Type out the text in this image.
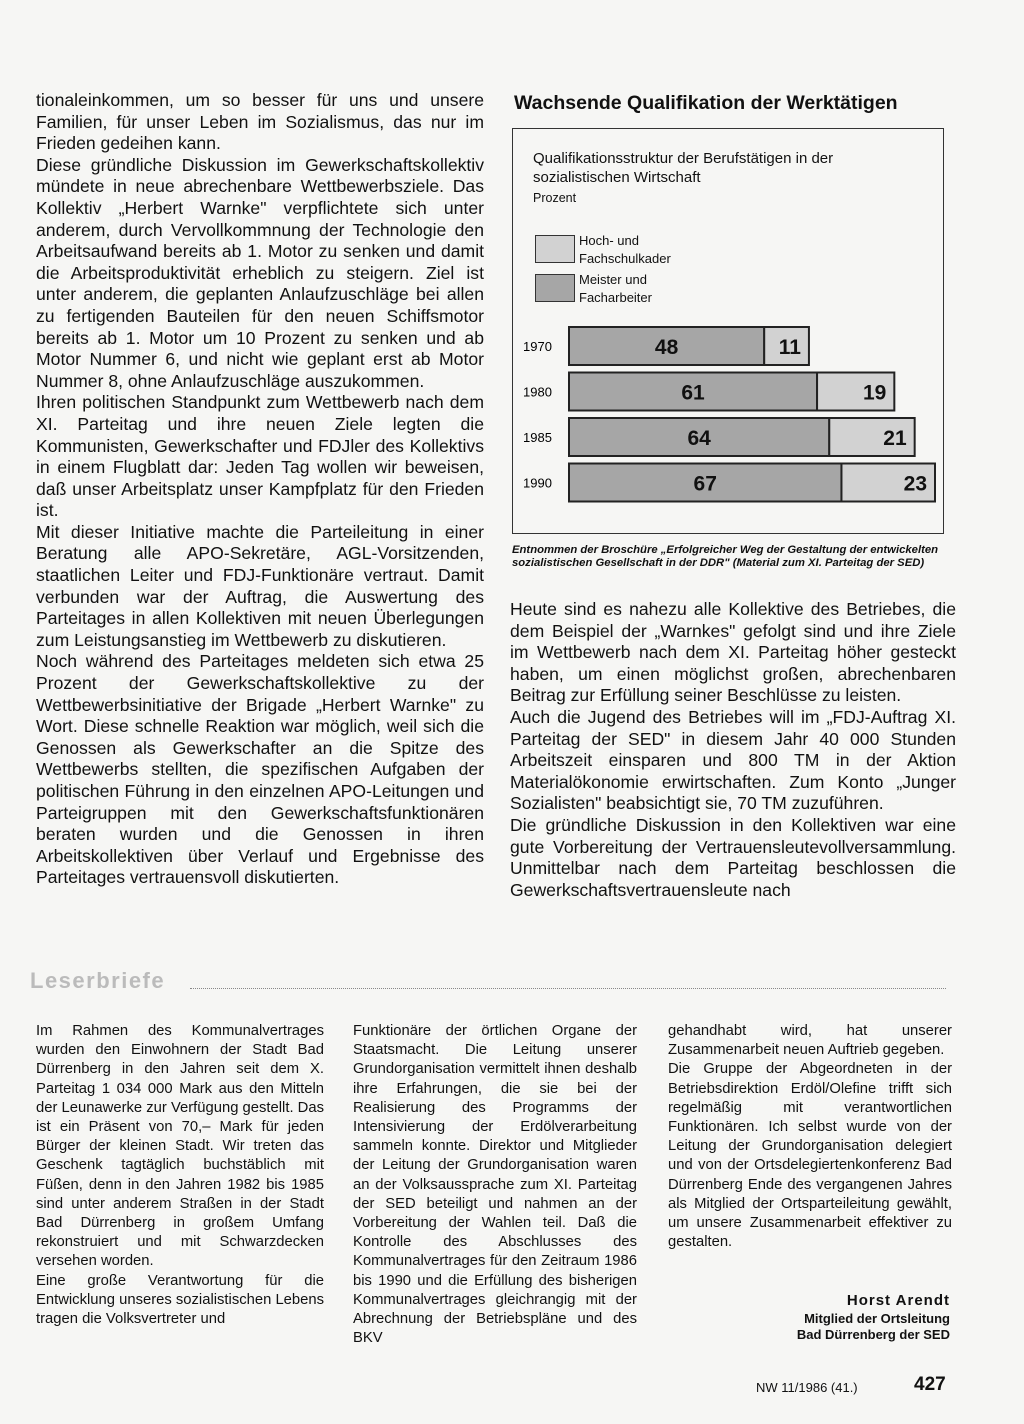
tionaleinkommen, um so besser für uns und unsere Familien, für unser Leben im Sozialismus, das nur im Frieden gedeihen kann.

Diese gründliche Diskussion im Gewerkschaftskollektiv mündete in neue abrechenbare Wettbewerbsziele. Das Kollektiv „Herbert Warnke" verpflichtete sich unter anderem, durch Vervollkommnung der Technologie den Arbeitsaufwand bereits ab 1. Motor zu senken und damit die Arbeitsproduktivität erheblich zu steigern. Ziel ist unter anderem, die geplanten Anlaufzuschläge bei allen zu fertigenden Bauteilen für den neuen Schiffsmotor bereits ab 1. Motor um 10 Prozent zu senken und ab Motor Nummer 6, und nicht wie geplant erst ab Motor Nummer 8, ohne Anlaufzuschläge auszukommen.

Ihren politischen Standpunkt zum Wettbewerb nach dem XI. Parteitag und ihre neuen Ziele legten die Kommunisten, Gewerkschafter und FDJler des Kollektivs in einem Flugblatt dar: Jeden Tag wollen wir beweisen, daß unser Arbeitsplatz unser Kampfplatz für den Frieden ist.

Mit dieser Initiative machte die Parteileitung in einer Beratung alle APO-Sekretäre, AGL-Vorsitzenden, staatlichen Leiter und FDJ-Funktionäre vertraut. Damit verbunden war der Auftrag, die Auswertung des Parteitages in allen Kollektiven mit neuen Überlegungen zum Leistungsanstieg im Wettbewerb zu diskutieren.

Noch während des Parteitages meldeten sich etwa 25 Prozent der Gewerkschaftskollektive zu der Wettbewerbsinitiative der Brigade „Herbert Warnke" zu Wort. Diese schnelle Reaktion war möglich, weil sich die Genossen als Gewerkschafter an die Spitze des Wettbewerbs stellten, die spezifischen Aufgaben der politischen Führung in den einzelnen APO-Leitungen und Parteigruppen mit den Gewerkschaftsfunktionären beraten wurden und die Genossen in ihren Arbeitskollektiven über Verlauf und Ergebnisse des Parteitages vertrauensvoll diskutierten.

Wachsende Qualifikation der Werktätigen
Qualifikationsstruktur der Berufstätigen in der sozialistischen Wirtschaft
Prozent
Hoch- und Fachschulkader
Meister und Facharbeiter
1970	48	11
1980	61	19
1985	64	21
1990	67	23
Entnommen der Broschüre „Erfolgreicher Weg der Gestaltung der entwickelten sozialistischen Gesellschaft in der DDR" (Material zum XI. Parteitag der SED)

Heute sind es nahezu alle Kollektive des Betriebes, die dem Beispiel der „Warnkes" gefolgt sind und ihre Ziele im Wettbewerb nach dem XI. Parteitag höher gesteckt haben, um einen möglichst großen, abrechenbaren Beitrag zur Erfüllung seiner Beschlüsse zu leisten.

Auch die Jugend des Betriebes will im „FDJ-Auftrag XI. Parteitag der SED" in diesem Jahr 40 000 Stunden Arbeitszeit einsparen und 800 TM in der Aktion Materialökonomie erwirtschaften. Zum Konto „Junger Sozialisten" beabsichtigt sie, 70 TM zuzuführen.

Die gründliche Diskussion in den Kollektiven war eine gute Vorbereitung der Vertrauensleutevollversammlung. Unmittelbar nach dem Parteitag beschlossen die Gewerkschaftsvertrauensleute nach

Leserbriefe

Im Rahmen des Kommunalvertrages wurden den Einwohnern der Stadt Bad Dürrenberg in den Jahren seit dem X. Parteitag 1 034 000 Mark aus den Mitteln der Leunawerke zur Verfügung gestellt. Das ist ein Präsent von 70,– Mark für jeden Bürger der kleinen Stadt. Wir treten das Geschenk tagtäglich buchstäblich mit Füßen, denn in den Jahren 1982 bis 1985 sind unter anderem Straßen in der Stadt Bad Dürrenberg in großem Umfang rekonstruiert und mit Schwarzdecken versehen worden.

Eine große Verantwortung für die Entwicklung unseres sozialistischen Lebens tragen die Volksvertreter und

Funktionäre der örtlichen Organe der Staatsmacht. Die Leitung unserer Grundorganisation vermittelt ihnen deshalb ihre Erfahrungen, die sie bei der Realisierung des Programms der Intensivierung der Erdölverarbeitung sammeln konnte. Direktor und Mitglieder der Leitung der Grundorganisation waren an der Volksaussprache zum XI. Parteitag der SED beteiligt und nahmen an der Vorbereitung der Wahlen teil. Daß die Kontrolle des Abschlusses des Kommunalvertrages für den Zeitraum 1986 bis 1990 und die Erfüllung des bisherigen Kommunalvertrages gleichrangig mit der Abrechnung der Betriebspläne und des BKV

gehandhabt wird, hat unserer Zusammenarbeit neuen Auftrieb gegeben.

Die Gruppe der Abgeordneten in der Betriebsdirektion Erdöl/Olefine trifft sich regelmäßig mit verantwortlichen Funktionären. Ich selbst wurde von der Leitung der Grundorganisation delegiert und von der Ortsdelegiertenkonferenz Bad Dürrenberg Ende des vergangenen Jahres als Mitglied der Ortsparteileitung gewählt, um unsere Zusammenarbeit effektiver zu gestalten.

Horst Arendt
Mitglied der Ortsleitung
Bad Dürrenberg der SED
NW 11/1986 (41.)	427
